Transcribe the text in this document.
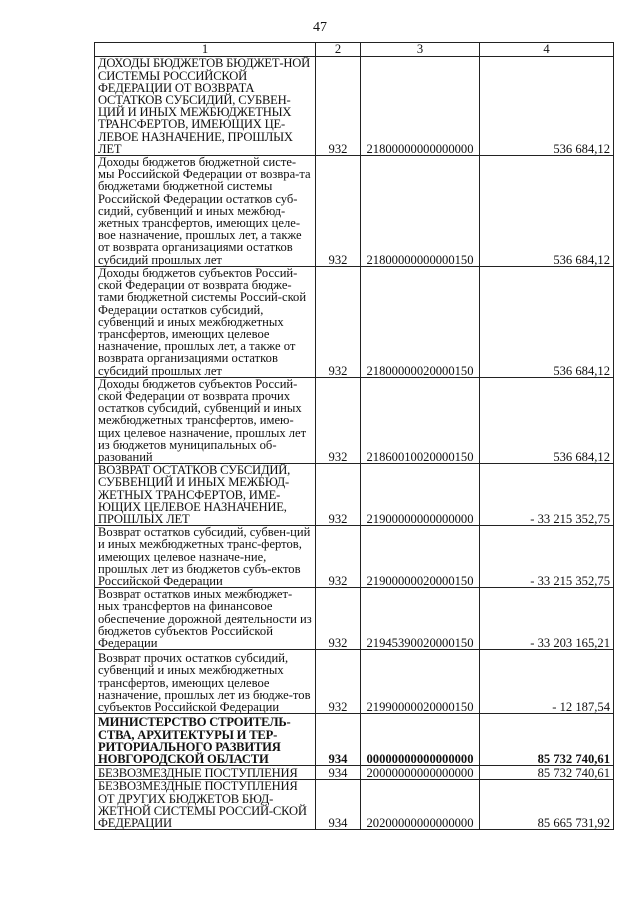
47
1	2	3	4
ДОХОДЫ БЮДЖЕТОВ БЮДЖЕТ-НОЙ СИСТЕМЫ РОССИЙСКОЙ ФЕДЕРАЦИИ ОТ ВОЗВРАТА ОСТАТКОВ СУБСИДИЙ, СУБВЕН-ЦИЙ И ИНЫХ МЕЖБЮДЖЕТНЫХ ТРАНСФЕРТОВ, ИМЕЮЩИХ ЦЕ-ЛЕВОЕ НАЗНАЧЕНИЕ, ПРОШЛЫХ ЛЕТ	932	21800000000000000	536 684,12
Доходы бюджетов бюджетной систе-мы Российской Федерации от возвра-та бюджетами бюджетной системы Российской Федерации остатков суб-сидий, субвенций и иных межбюд-жетных трансфертов, имеющих целе-вое назначение, прошлых лет, а также от возврата организациями остатков субсидий прошлых лет	932	21800000000000150	536 684,12
Доходы бюджетов субъектов Россий-ской Федерации от возврата бюдже-тами бюджетной системы Россий-ской Федерации остатков субсидий, субвенций и иных межбюджетных трансфертов, имеющих целевое назначение, прошлых лет, а также от возврата организациями остатков субсидий прошлых лет	932	21800000020000150	536 684,12
Доходы бюджетов субъектов Россий-ской Федерации от возврата прочих остатков субсидий, субвенций и иных межбюджетных трансфертов, имею-щих целевое назначение, прошлых лет из бюджетов муниципальных об-разований	932	21860010020000150	536 684,12
ВОЗВРАТ ОСТАТКОВ СУБСИДИЙ, СУБВЕНЦИЙ И ИНЫХ МЕЖБЮД-ЖЕТНЫХ ТРАНСФЕРТОВ, ИМЕ-ЮЩИХ ЦЕЛЕВОЕ НАЗНАЧЕНИЕ, ПРОШЛЫХ ЛЕТ	932	21900000000000000	- 33 215 352,75
Возврат остатков субсидий, субвен-ций и иных межбюджетных транс-фертов, имеющих целевое назначе-ние, прошлых лет из бюджетов субъ-ектов Российской Федерации	932	21900000020000150	- 33 215 352,75
Возврат остатков иных межбюджет-ных трансфертов на финансовое обеспечение дорожной деятельности из бюджетов субъектов Российской Федерации	932	21945390020000150	- 33 203 165,21
Возврат прочих остатков субсидий, субвенций и иных межбюджетных трансфертов, имеющих целевое назначение, прошлых лет из бюдже-тов субъектов Российской Федерации	932	21990000020000150	- 12 187,54
МИНИСТЕРСТВО СТРОИТЕЛЬ-СТВА, АРХИТЕКТУРЫ И ТЕР-РИТОРИАЛЬНОГО РАЗВИТИЯ НОВГОРОДСКОЙ ОБЛАСТИ	934	00000000000000000	85 732 740,61
БЕЗВОЗМЕЗДНЫЕ ПОСТУПЛЕНИЯ	934	20000000000000000	85 732 740,61
БЕЗВОЗМЕЗДНЫЕ ПОСТУПЛЕНИЯ ОТ ДРУГИХ БЮДЖЕТОВ БЮД-ЖЕТНОЙ СИСТЕМЫ РОССИЙ-СКОЙ ФЕДЕРАЦИИ	934	20200000000000000	85 665 731,92
